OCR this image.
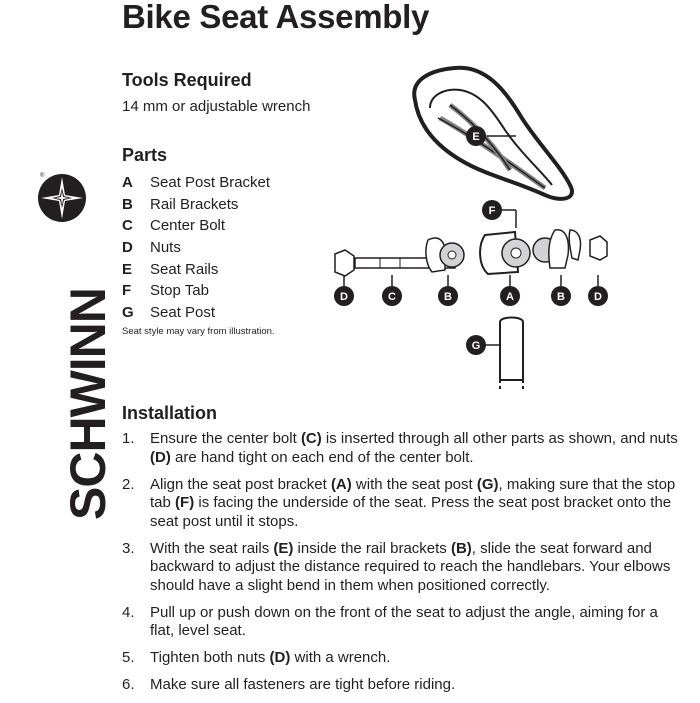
Bike Seat Assembly
Tools Required
14 mm or adjustable wrench
Parts
A	Seat Post Bracket
B	Rail Brackets
C	Center Bolt
D	Nuts
E	Seat Rails
F	Stop Tab
G	Seat Post
Seat style may vary from illustration.
®
SCHWINN
E
F
D	C	B	A	B	D
G
Installation
1.	Ensure the center bolt (C) is inserted through all other parts as shown, and nuts (D) are hand tight on each end of the center bolt.
2.	Align the seat post bracket (A) with the seat post (G), making sure that the stop tab (F) is facing the underside of the seat. Press the seat post bracket onto the seat post until it stops.
3.	With the seat rails (E) inside the rail brackets (B), slide the seat forward and backward to adjust the distance required to reach the handlebars. Your elbows should have a slight bend in them when positioned correctly.
4.	Pull up or push down on the front of the seat to adjust the angle, aiming for a flat, level seat.
5.	Tighten both nuts (D) with a wrench.
6.	Make sure all fasteners are tight before riding.
